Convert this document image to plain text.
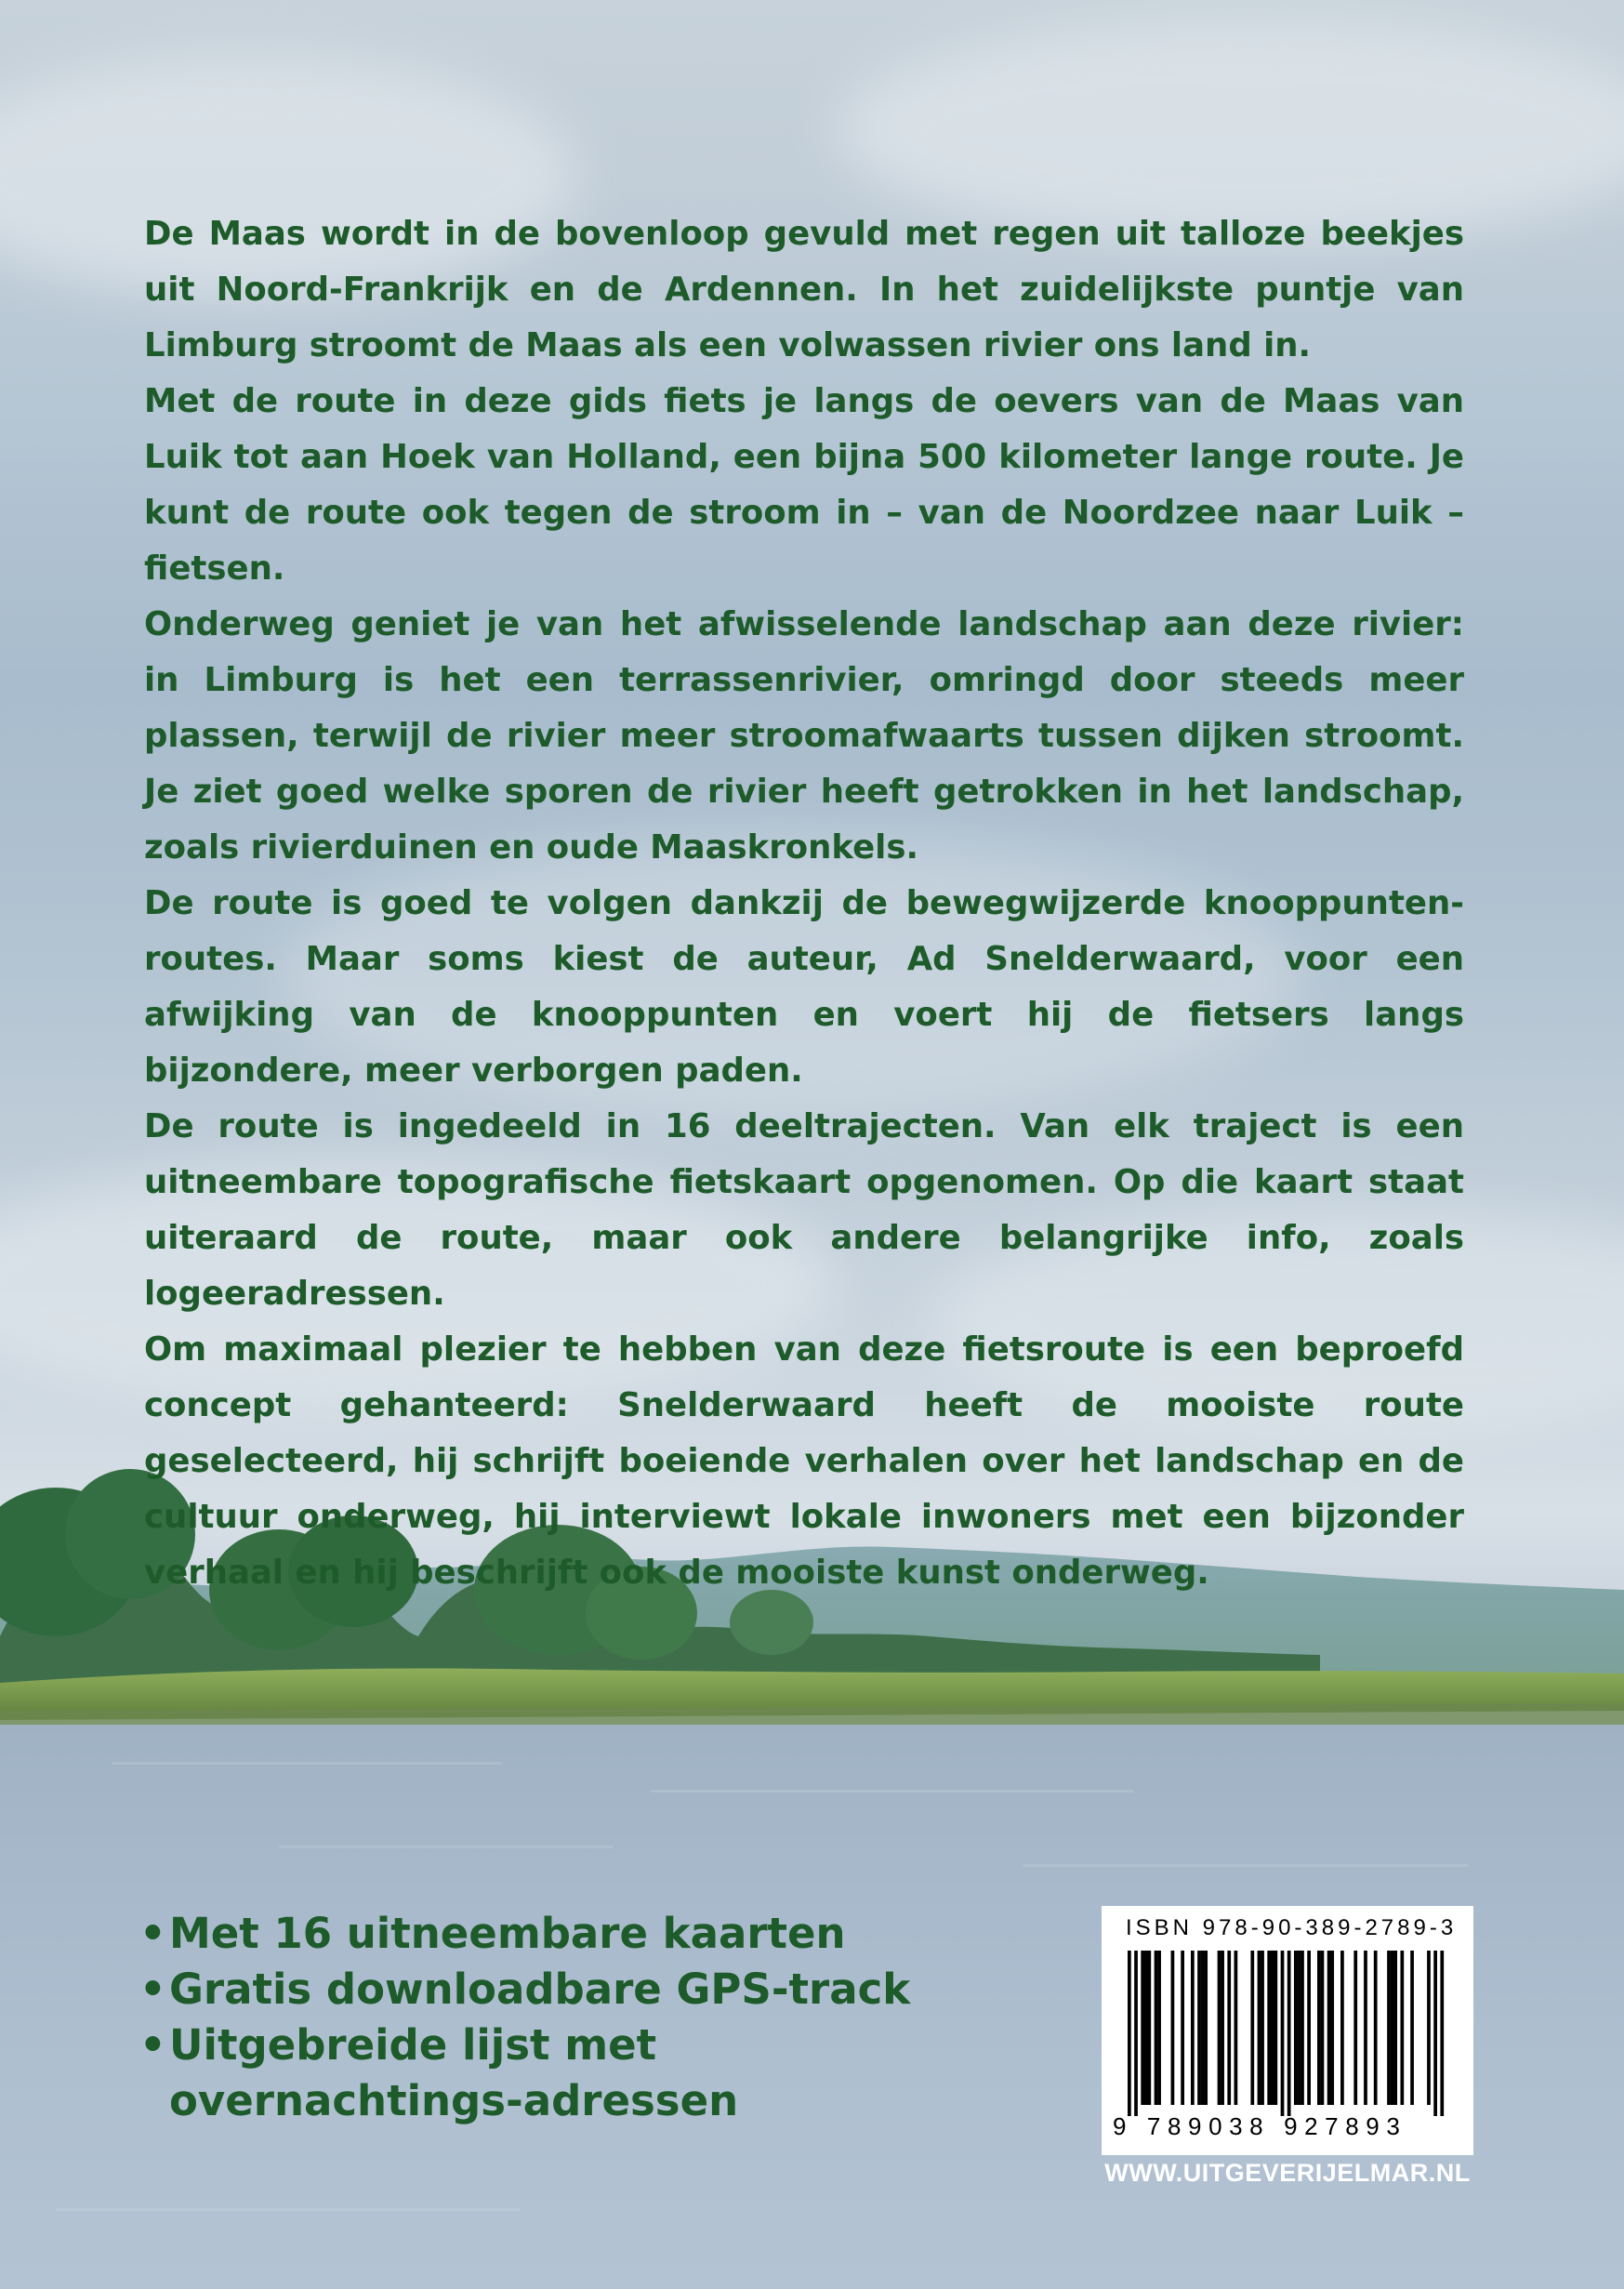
De Maas wordt in de bovenloop gevuld met regen uit talloze beekjes uit Noord-Frankrijk en de Ardennen. In het zuidelijkste puntje van Limburg stroomt de Maas als een volwassen rivier ons land in.

Met de route in deze gids fiets je langs de oevers van de Maas van Luik tot aan Hoek van Holland, een bijna 500 kilometer lange route. Je kunt de route ook tegen de stroom in – van de Noordzee naar Luik – fietsen.

Onderweg geniet je van het afwisselende landschap aan deze rivier: in Limburg is het een terrassenrivier, omringd door steeds meer plassen, terwijl de rivier meer stroomafwaarts tussen dijken stroomt. Je ziet goed welke sporen de rivier heeft getrokken in het landschap, zoals rivierduinen en oude Maaskronkels.

De route is goed te volgen dankzij de bewegwijzerde knooppunten-routes. Maar soms kiest de auteur, Ad Snelderwaard, voor een afwijking van de knooppunten en voert hij de fietsers langs bijzondere, meer verborgen paden.

De route is ingedeeld in 16 deeltrajecten. Van elk traject is een uitneembare topografische fietskaart opgenomen. Op die kaart staat uiteraard de route, maar ook andere belangrijke info, zoals logeeradressen.

Om maximaal plezier te hebben van deze fietsroute is een beproefd concept gehanteerd: Snelderwaard heeft de mooiste route geselecteerd, hij schrijft boeiende verhalen over het landschap en de cultuur onderweg, hij interviewt lokale inwoners met een bijzonder verhaal en hij beschrijft ook de mooiste kunst onderweg.

• Met 16 uitneembare kaarten
• Gratis downloadbare GPS-track
• Uitgebreide lijst met overnachtings-adressen
ISBN 978-90-389-2789-3
9 789038 927893
WWW.UITGEVERIJELMAR.NL
